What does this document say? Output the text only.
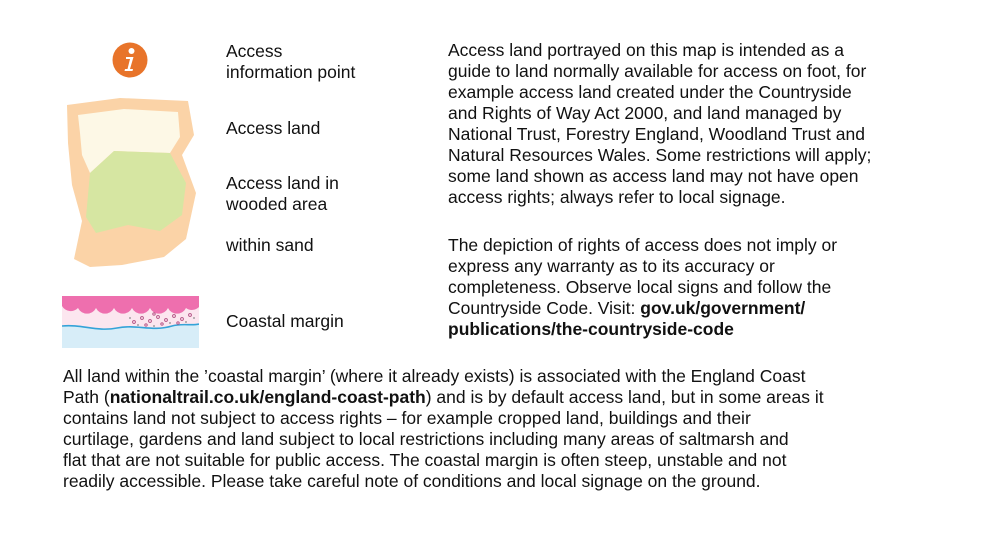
Access
information point

Access land

Access land in
wooded area

within sand

Coastal margin

Access land portrayed on this map is intended as a
guide to land normally available for access on foot, for
example access land created under the Countryside
and Rights of Way Act 2000, and land managed by
National Trust, Forestry England, Woodland Trust and
Natural Resources Wales. Some restrictions will apply;
some land shown as access land may not have open
access rights; always refer to local signage.
The depiction of rights of access does not imply or
express any warranty as to its accuracy or
completeness. Observe local signs and follow the
Countryside Code. Visit: gov.uk/government/
publications/the-countryside-code
All land within the ’coastal margin’ (where it already exists) is associated with the England Coast
Path (nationaltrail.co.uk/england-coast-path) and is by default access land, but in some areas it
contains land not subject to access rights – for example cropped land, buildings and their
curtilage, gardens and land subject to local restrictions including many areas of saltmarsh and
flat that are not suitable for public access. The coastal margin is often steep, unstable and not
readily accessible. Please take careful note of conditions and local signage on the ground.
